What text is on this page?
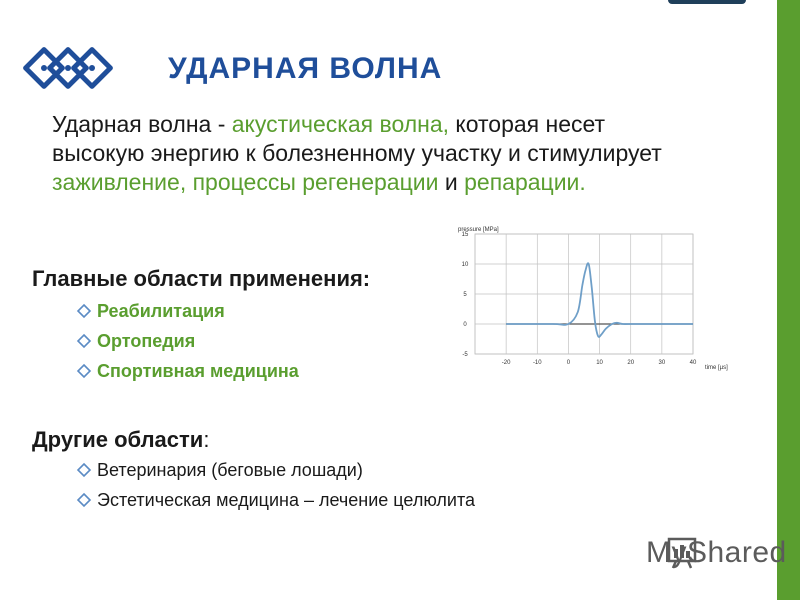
УДАРНАЯ ВОЛНА
Ударная волна - акустическая волна, которая несет высокую энергию к болезненному участку и стимулирует заживление, процессы регенерации и репарации.
Главные области применения:
Реабилитация
Ортопедия
Спортивная медицина
Другие области:
Ветеринария (беговые лошади)
Эстетическая медицина – лечение целюлита
-20	-10	0	10	20	30	40
15
10
5
0
-5
pressure [MPa]
time [µs]
MyShared
